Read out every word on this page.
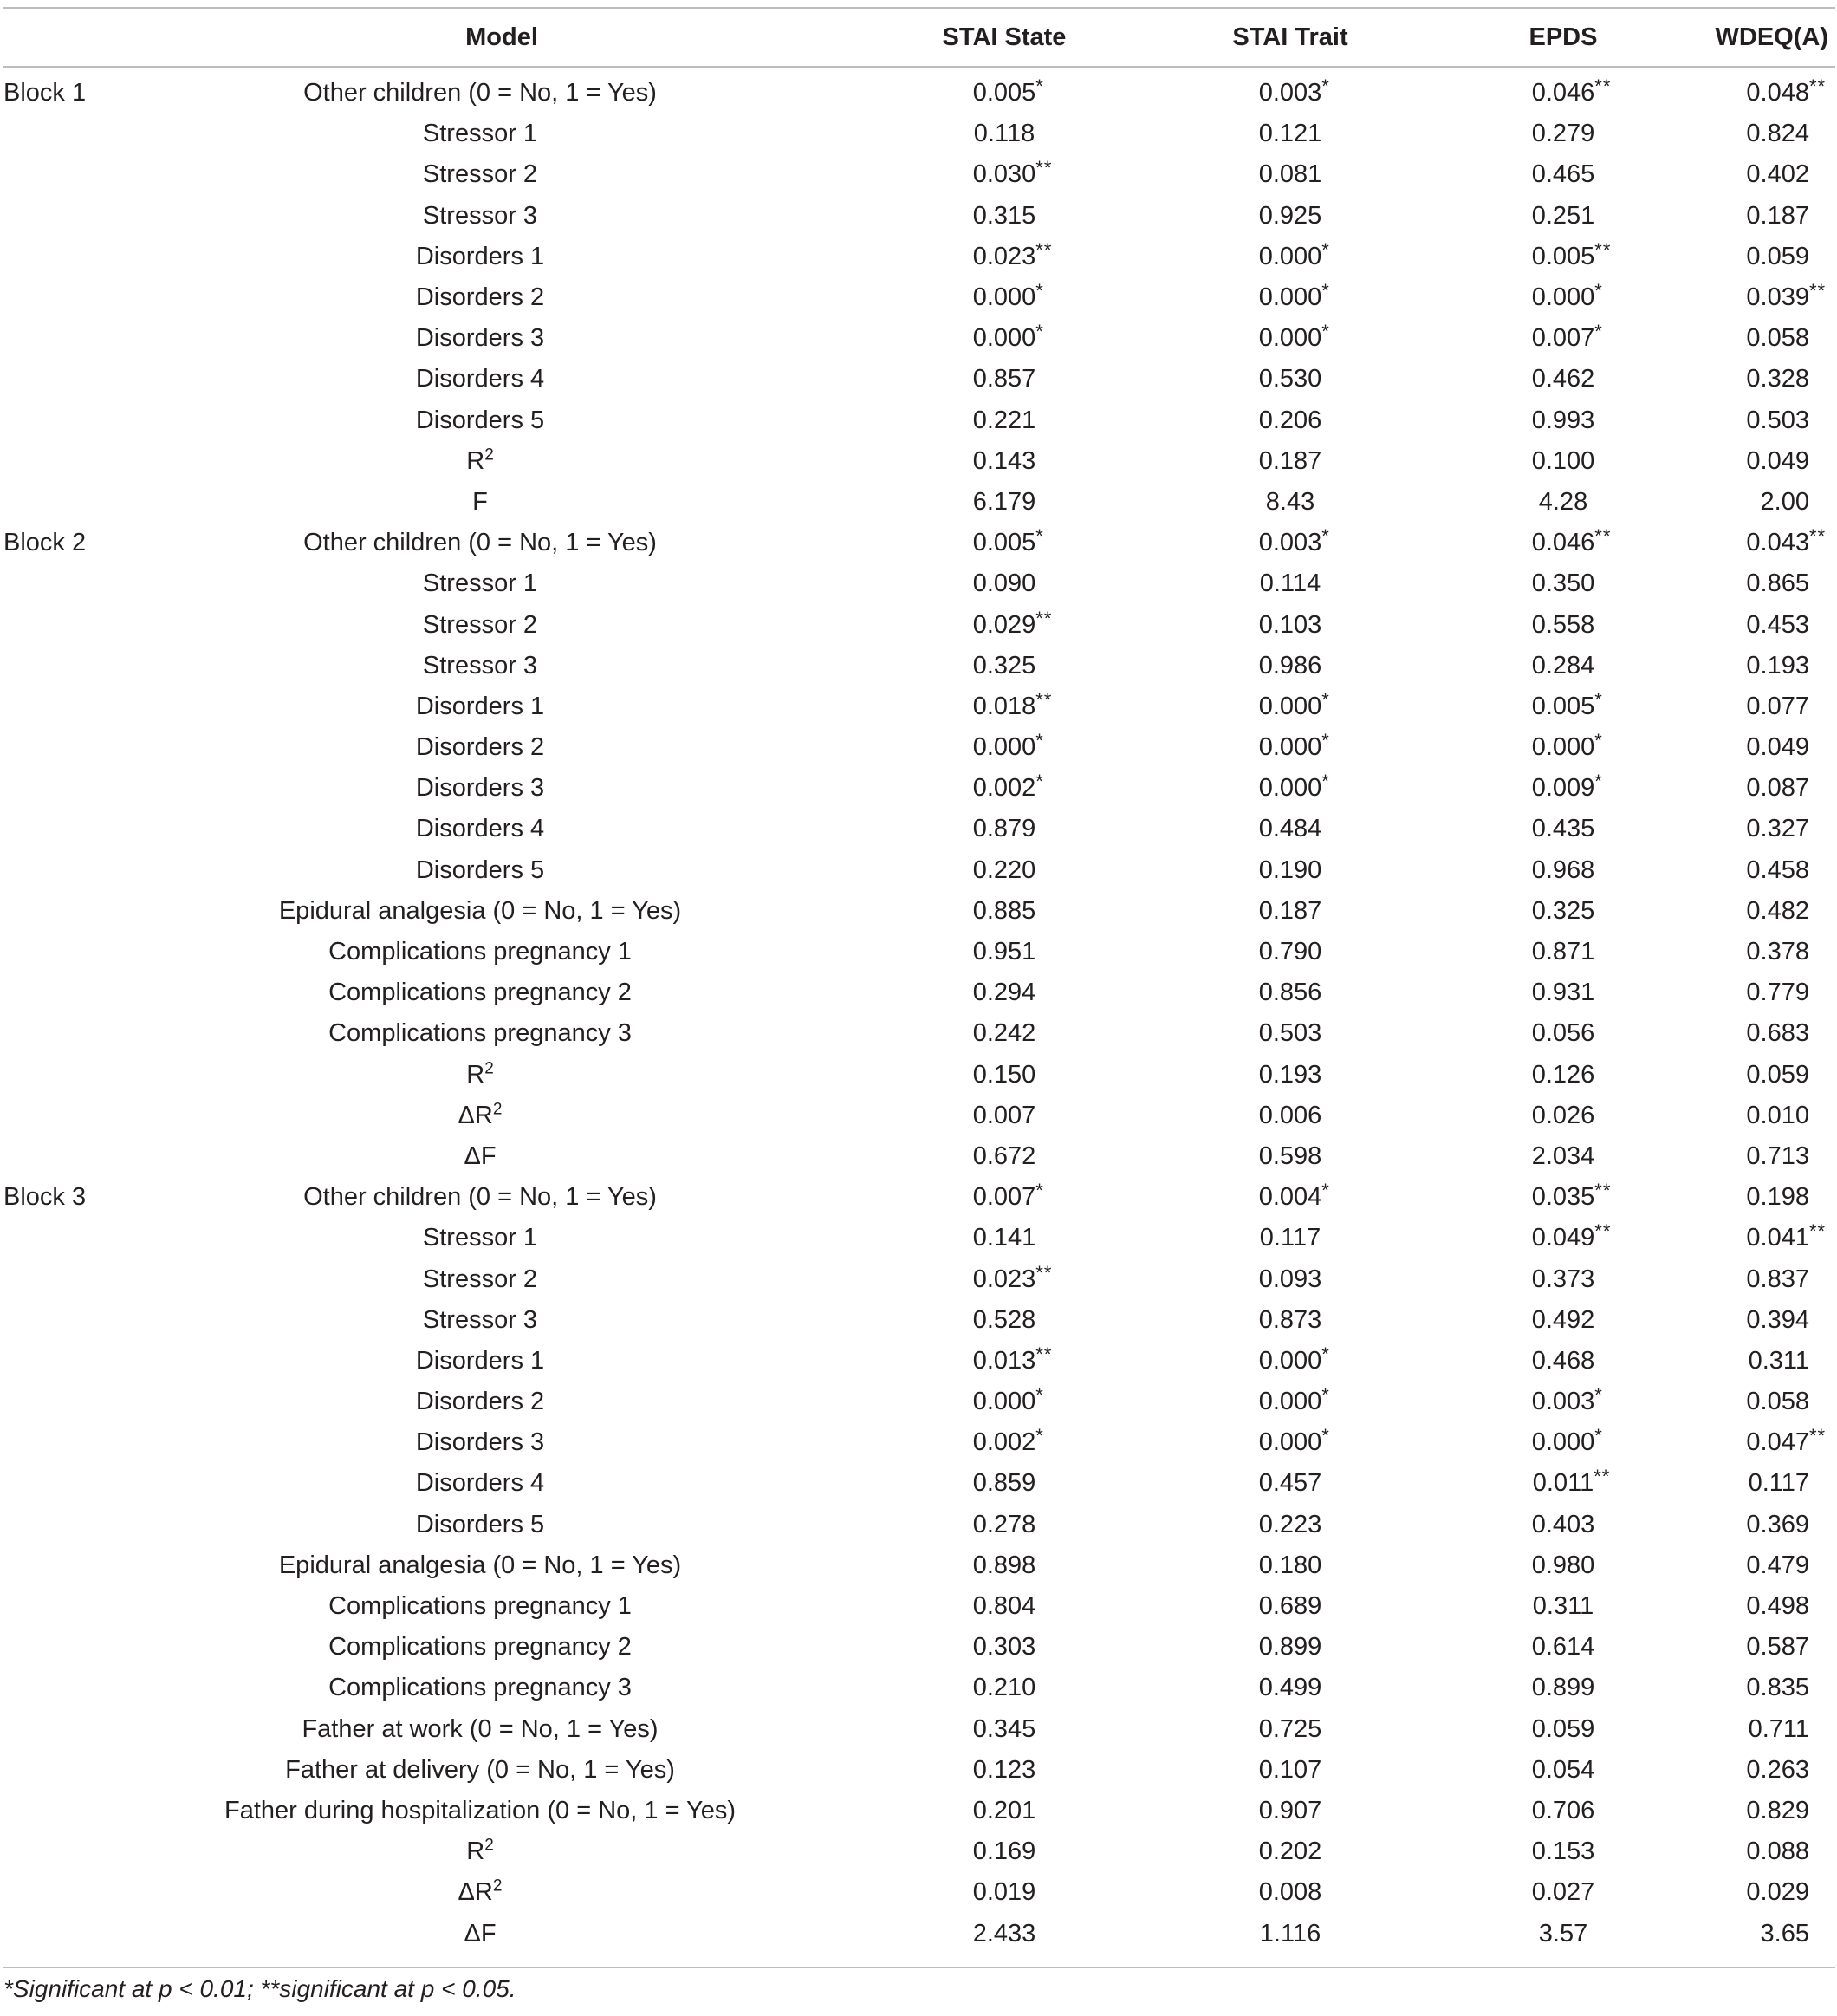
	Model	STAI State	STAI Trait	EPDS	WDEQ(A)
Block 1	Other children (0 = No, 1 = Yes)	0.005 *	0.003 *	0.046 **	0.048 **

	Stressor 1	0.118	0.121	0.279	0.824

	Stressor 2	0.030 **	0.081	0.465	0.402

	Stressor 3	0.315	0.925	0.251	0.187

	Disorders 1	0.023 **	0.000 *	0.005 **	0.059

	Disorders 2	0.000 *	0.000 *	0.000 *	0.039 **

	Disorders 3	0.000 *	0.000 *	0.007 *	0.058

	Disorders 4	0.857	0.530	0.462	0.328

	Disorders 5	0.221	0.206	0.993	0.503

	$R^2$	0.143	0.187	0.100	0.049

	F	6.179	8.43	4.28	2.00

Block 2	Other children (0 = No, 1 = Yes)	0.005 *	0.003 *	0.046 **	0.043 **

	Stressor 1	0.090	0.114	0.350	0.865

	Stressor 2	0.029 **	0.103	0.558	0.453

	Stressor 3	0.325	0.986	0.284	0.193

	Disorders 1	0.018 **	0.000 *	0.005 *	0.077

	Disorders 2	0.000 *	0.000 *	0.000 *	0.049

	Disorders 3	0.002 *	0.000 *	0.009 *	0.087

	Disorders 4	0.879	0.484	0.435	0.327

	Disorders 5	0.220	0.190	0.968	0.458

	Epidural analgesia (0 = No, 1 = Yes)	0.885	0.187	0.325	0.482

	Complications pregnancy 1	0.951	0.790	0.871	0.378

	Complications pregnancy 2	0.294	0.856	0.931	0.779

	Complications pregnancy 3	0.242	0.503	0.056	0.683

	$R^2$	0.150	0.193	0.126	0.059

	$\Delta R^2$	0.007	0.006	0.026	0.010

	ΔF	0.672	0.598	2.034	0.713

Block 3	Other children (0 = No, 1 = Yes)	0.007 *	0.004 *	0.035 **	0.198

	Stressor 1	0.141	0.117	0.049 **	0.041 **

	Stressor 2	0.023 **	0.093	0.373	0.837

	Stressor 3	0.528	0.873	0.492	0.394

	Disorders 1	0.013 **	0.000 *	0.468	0.311

	Disorders 2	0.000 *	0.000 *	0.003 *	0.058

	Disorders 3	0.002 *	0.000 *	0.000 *	0.047 **

	Disorders 4	0.859	0.457	0.011 **	0.117

	Disorders 5	0.278	0.223	0.403	0.369

	Epidural analgesia (0 = No, 1 = Yes)	0.898	0.180	0.980	0.479

	Complications pregnancy 1	0.804	0.689	0.311	0.498

	Complications pregnancy 2	0.303	0.899	0.614	0.587

	Complications pregnancy 3	0.210	0.499	0.899	0.835

	Father at work (0 = No, 1 = Yes)	0.345	0.725	0.059	0.711

	Father at delivery (0 = No, 1 = Yes)	0.123	0.107	0.054	0.263

	Father during hospitalization (0 = No, 1 = Yes)	0.201	0.907	0.706	0.829

	$R^2$	0.169	0.202	0.153	0.088

	$\Delta R^2$	0.019	0.008	0.027	0.029

	ΔF	2.433	1.116	3.57	3.65
*Significant at p < 0.01; **significant at p < 0.05.
